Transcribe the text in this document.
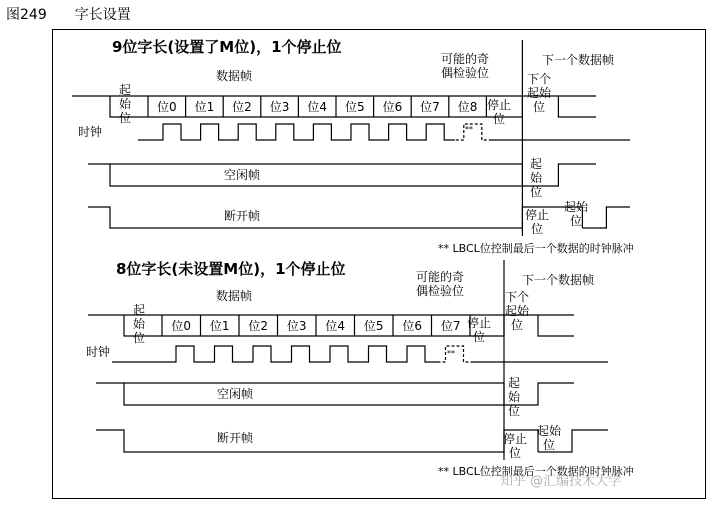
图249 字长设置
9位字长(设置了M位)，1个停止位
数据帧
起始位
位0	位1	位2	位3	位4	位5	位6	位7	位8
可能的奇偶检验位
停止位
下一个数据帧
下个起始位
时钟	**
空闲帧
起始位
断开帧	停止位
起始位
** LBCL位控制最后一个数据的时钟脉冲
8位字长(未设置M位)，1个停止位
数据帧
起始位
位0	位1	位2	位3	位4	位5	位6	位7
可能的奇偶检验位
停止位
下一个数据帧
下个起始位
时钟	**
空闲帧
起始位
断开帧	停止位
起始位
** LBCL位控制最后一个数据的时钟脉冲
知乎 @汇编技术大学
